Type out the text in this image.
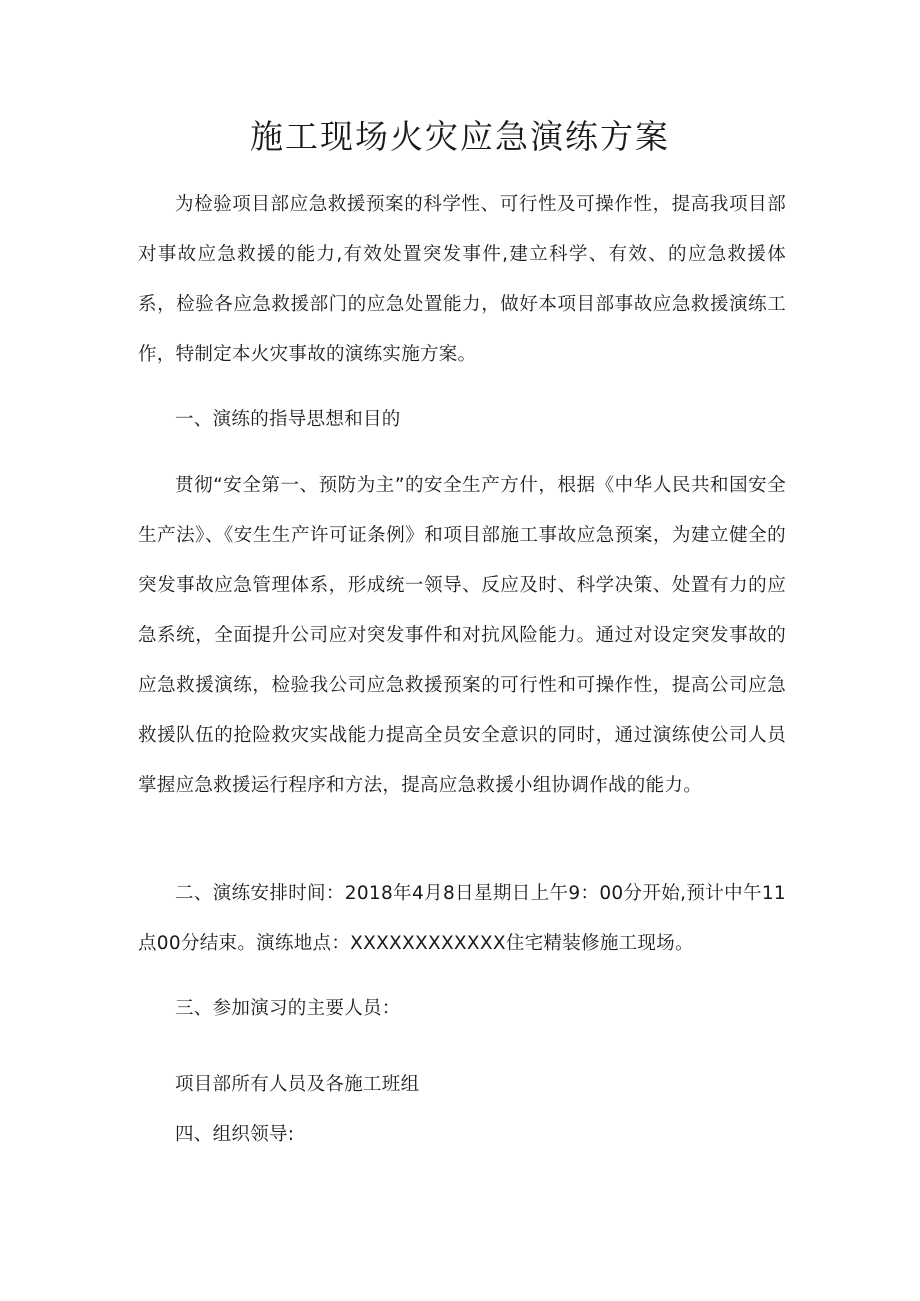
施工现场火灾应急演练方案

为检验项目部应急救援预案的科学性、可行性及可操作性，提高我项目部对事故应急救援的能力,有效处置突发事件,建立科学、有效、的应急救援体系，检验各应急救援部门的应急处置能力，做好本项目部事故应急救援演练工作，特制定本火灾事故的演练实施方案。

一、演练的指导思想和目的

贯彻“安全第一、预防为主”的安全生产方什，根据《中华人民共和国安全生产法》、《安生生产许可证条例》和项目部施工事故应急预案，为建立健全的突发事故应急管理体系，形成统一领导、反应及时、科学决策、处置有力的应急系统，全面提升公司应对突发事件和对抗风险能力。通过对设定突发事故的应急救援演练，检验我公司应急救援预案的可行性和可操作性，提高公司应急救援队伍的抢险救灾实战能力提高全员安全意识的同时，通过演练使公司人员掌握应急救援运行程序和方法，提高应急救援小组协调作战的能力。

二、演练安排时间：2018年4月8日星期日上午9：00分开始,预计中午11点00分结束。演练地点：XXXXXXXXXXXX住宅精装修施工现场。

三、参加演习的主要人员：

项目部所有人员及各施工班组

四、组织领导:
